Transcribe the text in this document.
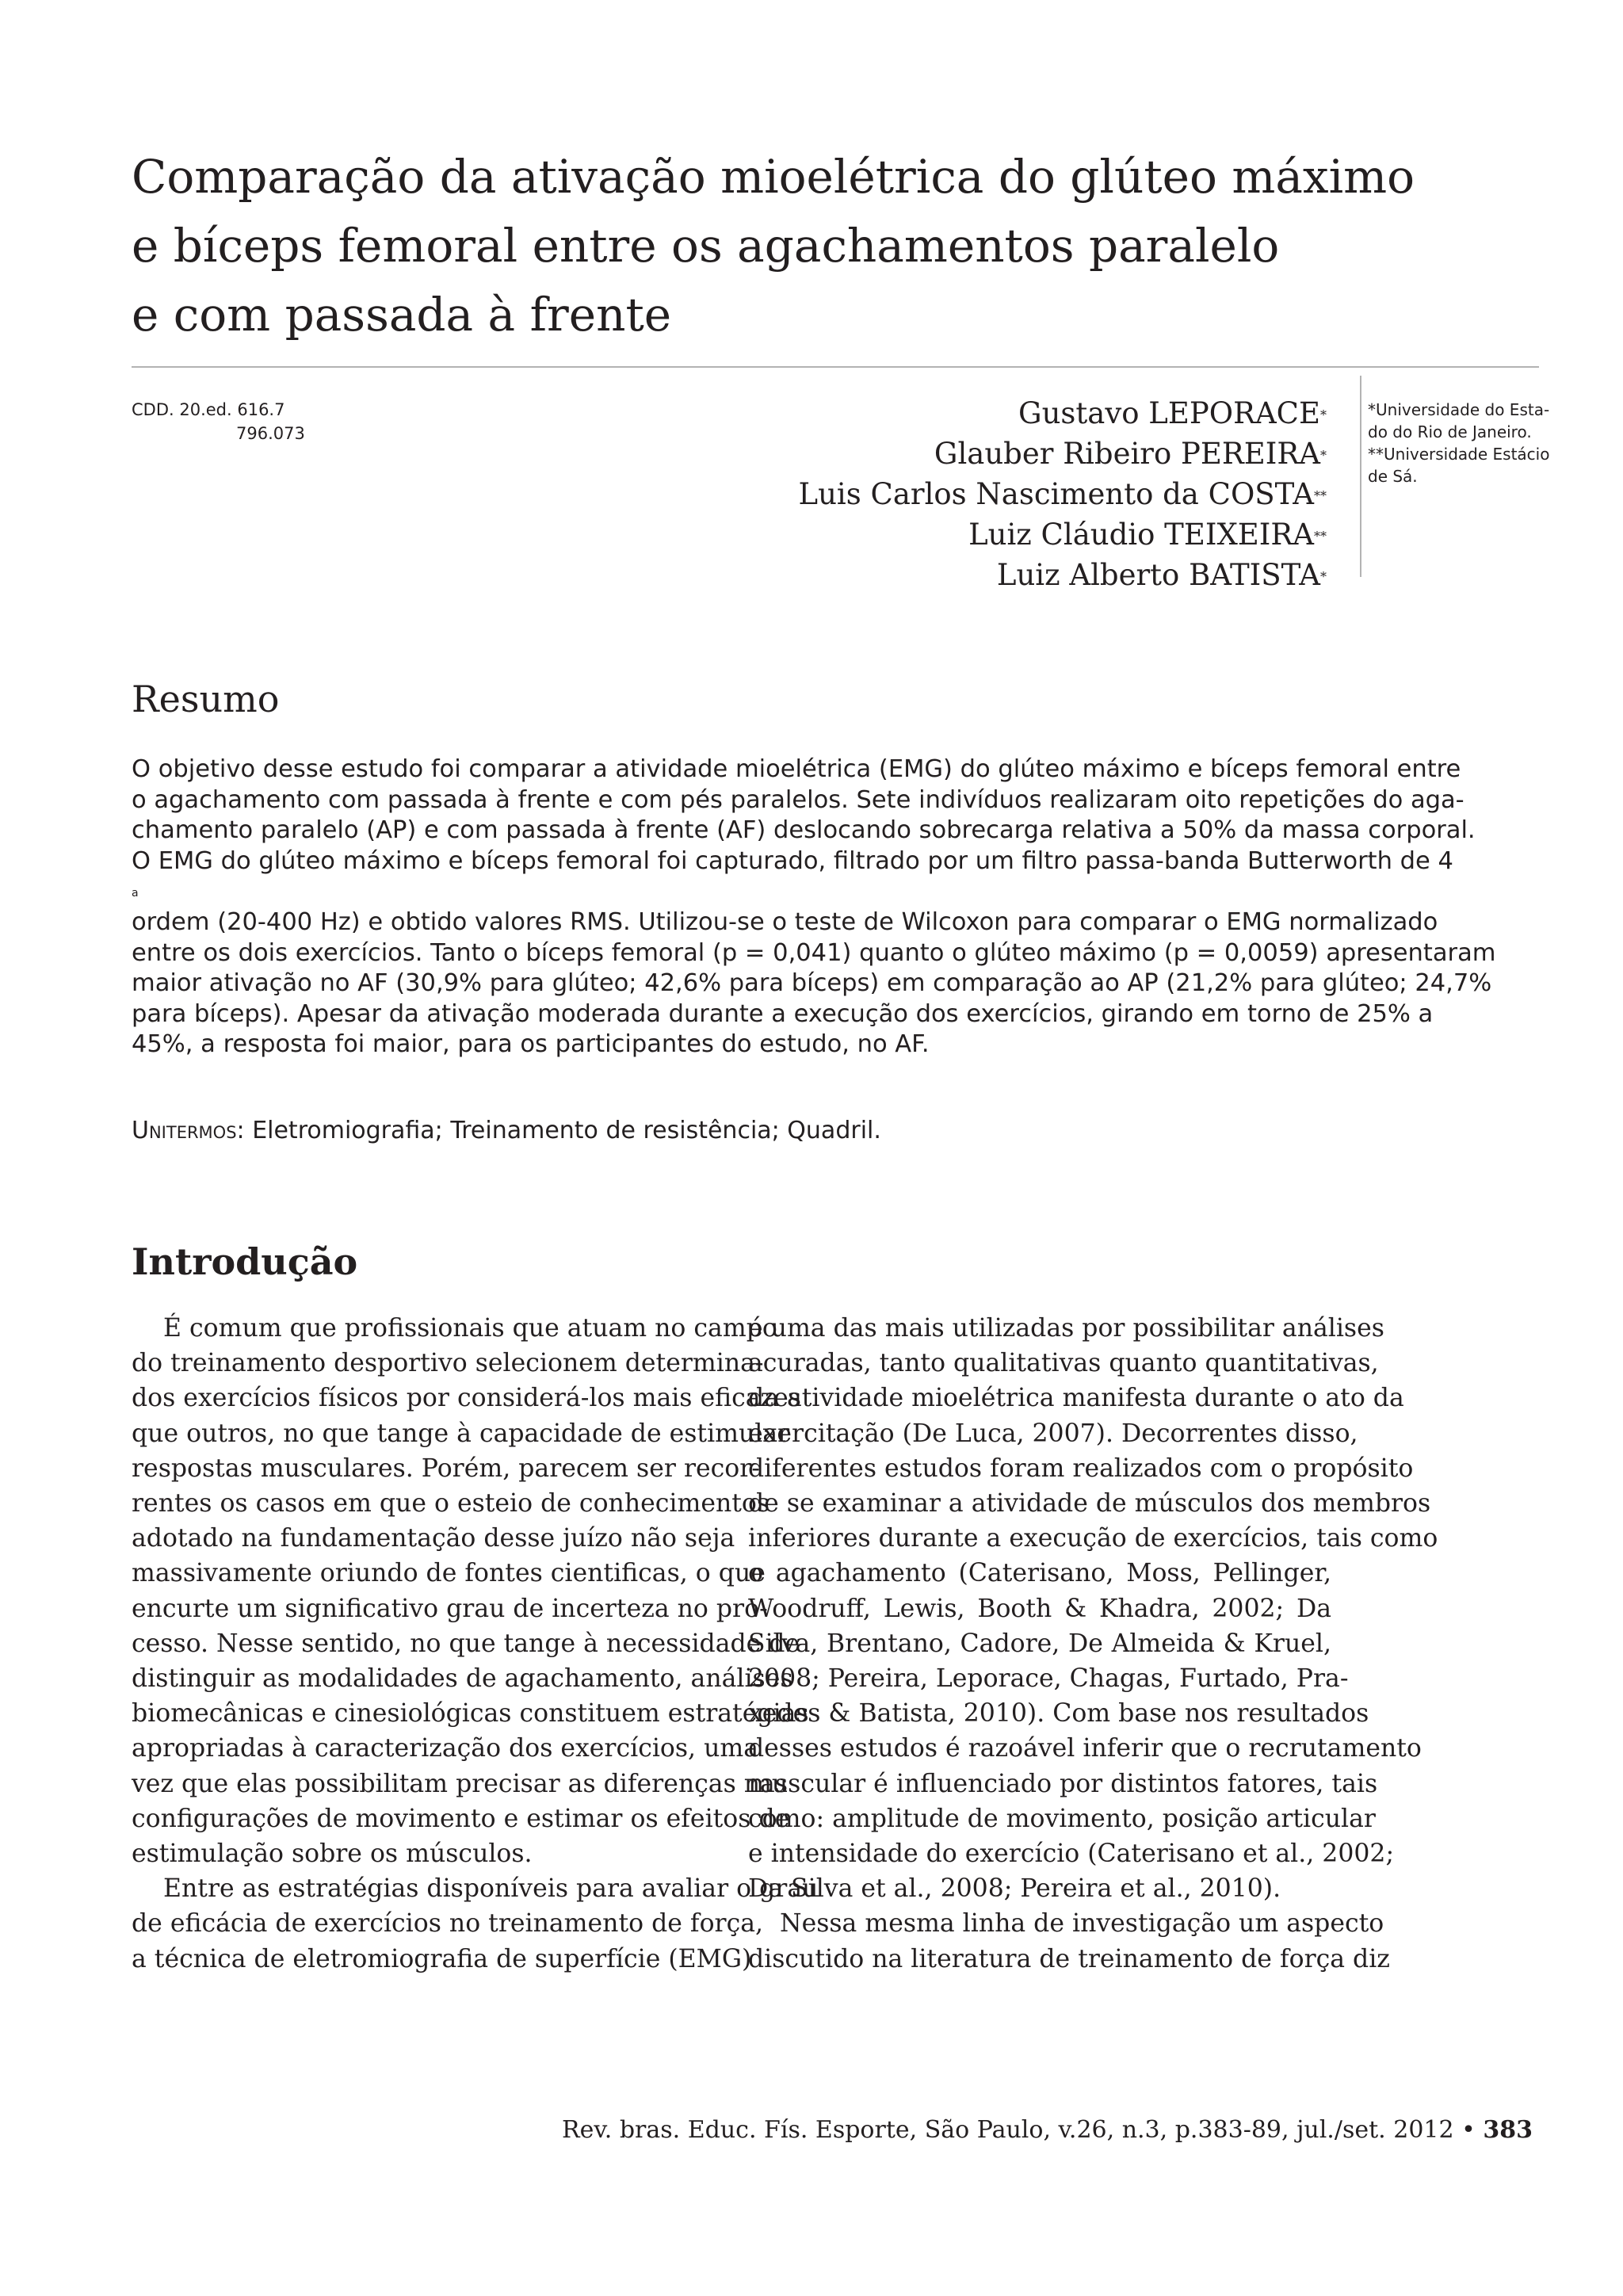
Comparação da ativação mioelétrica do glúteo máximo
e bíceps femoral entre os agachamentos paralelo
e com passada à frente
CDD. 20.ed. 616.7
796.073
Gustavo LEPORACE*
Glauber Ribeiro PEREIRA*
Luis Carlos Nascimento da COSTA**
Luiz Cláudio TEIXEIRA**
Luiz Alberto BATISTA*
*Universidade do Esta-
do do Rio de Janeiro.
**Universidade Estácio
de Sá.
Resumo
O objetivo desse estudo foi comparar a atividade mioelétrica (EMG) do glúteo máximo e bíceps femoral entre
o agachamento com passada à frente e com pés paralelos. Sete indivíduos realizaram oito repetições do aga-
chamento paralelo (AP) e com passada à frente (AF) deslocando sobrecarga relativa a 50% da massa corporal.
O EMG do glúteo máximo e bíceps femoral foi capturado, filtrado por um filtro passa-banda Butterworth de 4
$^a$
ordem (20-400 Hz) e obtido valores RMS. Utilizou-se o teste de Wilcoxon para comparar o EMG normalizado
entre os dois exercícios. Tanto o bíceps femoral (p = 0,041) quanto o glúteo máximo (p = 0,0059) apresentaram
maior ativação no AF (30,9% para glúteo; 42,6% para bíceps) em comparação ao AP (21,2% para glúteo; 24,7%
para bíceps). Apesar da ativação moderada durante a execução dos exercícios, girando em torno de 25% a
45%, a resposta foi maior, para os participantes do estudo, no AF.
Unitermos: Eletromiografia; Treinamento de resistência; Quadril.
Introdução
É comum que profissionais que atuam no campo
do treinamento desportivo selecionem determina-
dos exercícios físicos por considerá-los mais eficazes
que outros, no que tange à capacidade de estimular
respostas musculares. Porém, parecem ser recor-
rentes os casos em que o esteio de conhecimentos
adotado na fundamentação desse juízo não seja
massivamente oriundo de fontes cientificas, o que
encurte um significativo grau de incerteza no pro-
cesso. Nesse sentido, no que tange à necessidade de
distinguir as modalidades de agachamento, análises
biomecânicas e cinesiológicas constituem estratégias
apropriadas à caracterização dos exercícios, uma
vez que elas possibilitam precisar as diferenças nas
configurações de movimento e estimar os efeitos de
estimulação sobre os músculos.
Entre as estratégias disponíveis para avaliar o grau
de eficácia de exercícios no treinamento de força,
a técnica de eletromiografia de superfície (EMG)
é uma das mais utilizadas por possibilitar análises
acuradas, tanto qualitativas quanto quantitativas,
da atividade mioelétrica manifesta durante o ato da
exercitação (De Luca, 2007). Decorrentes disso,
diferentes estudos foram realizados com o propósito
de se examinar a atividade de músculos dos membros
inferiores durante a execução de exercícios, tais como
o agachamento (Caterisano, Moss, Pellinger,
Woodruff, Lewis, Booth & Khadra, 2002; Da
Silva, Brentano, Cadore, De Almeida & Kruel,
2008; Pereira, Leporace, Chagas, Furtado, Pra-
xedes & Batista, 2010). Com base nos resultados
desses estudos é razoável inferir que o recrutamento
muscular é influenciado por distintos fatores, tais
como: amplitude de movimento, posição articular
e intensidade do exercício (Caterisano et al., 2002;
Da Silva et al., 2008; Pereira et al., 2010).
Nessa mesma linha de investigação um aspecto
discutido na literatura de treinamento de força diz
Rev. bras. Educ. Fís. Esporte, São Paulo, v.26, n.3, p.383-89, jul./set. 2012 • 383
